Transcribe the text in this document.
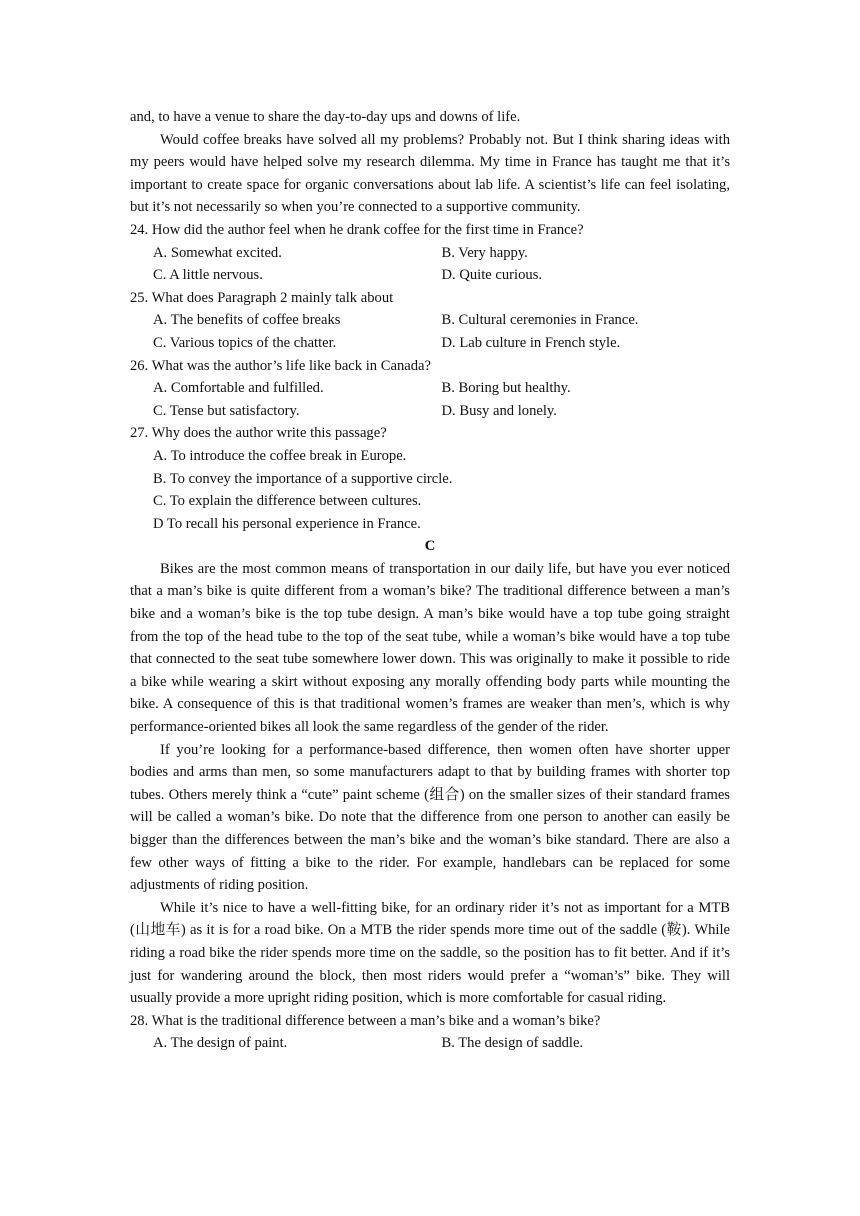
and, to have a venue to share the day-to-day ups and downs of life.

Would coffee breaks have solved all my problems? Probably not. But I think sharing ideas with my peers would have helped solve my research dilemma. My time in France has taught me that it’s important to create space for organic conversations about lab life. A scientist’s life can feel isolating, but it’s not necessarily so when you’re connected to a supportive community.

24. How did the author feel when he drank coffee for the first time in France?

A. Somewhat excited.	B. Very happy.
C. A little nervous.	D. Quite curious.

25. What does Paragraph 2 mainly talk about

A. The benefits of coffee breaks	B. Cultural ceremonies in France.
C. Various topics of the chatter.	D. Lab culture in French style.

26. What was the author’s life like back in Canada?

A. Comfortable and fulfilled.	B. Boring but healthy.
C. Tense but satisfactory.	D. Busy and lonely.

27. Why does the author write this passage?

A. To introduce the coffee break in Europe.

B. To convey the importance of a supportive circle.

C. To explain the difference between cultures.

D To recall his personal experience in France.

C

Bikes are the most common means of transportation in our daily life, but have you ever noticed that a man’s bike is quite different from a woman’s bike? The traditional difference between a man’s bike and a woman’s bike is the top tube design. A man’s bike would have a top tube going straight from the top of the head tube to the top of the seat tube, while a woman’s bike would have a top tube that connected to the seat tube somewhere lower down. This was originally to make it possible to ride a bike while wearing a skirt without exposing any morally offending body parts while mounting the bike. A consequence of this is that traditional women’s frames are weaker than men’s, which is why performance-oriented bikes all look the same regardless of the gender of the rider.

If you’re looking for a performance-based difference, then women often have shorter upper bodies and arms than men, so some manufacturers adapt to that by building frames with shorter top tubes. Others merely think a “cute” paint scheme (组合) on the smaller sizes of their standard frames will be called a woman’s bike. Do note that the difference from one person to another can easily be bigger than the differences between the man’s bike and the woman’s bike standard. There are also a few other ways of fitting a bike to the rider. For example, handlebars can be replaced for some adjustments of riding position.

While it’s nice to have a well-fitting bike, for an ordinary rider it’s not as important for a MTB (山地车) as it is for a road bike. On a MTB the rider spends more time out of the saddle (鞍). While riding a road bike the rider spends more time on the saddle, so the position has to fit better. And if it’s just for wandering around the block, then most riders would prefer a “woman’s” bike. They will usually provide a more upright riding position, which is more comfortable for casual riding.

28. What is the traditional difference between a man’s bike and a woman’s bike?

A. The design of paint.	B. The design of saddle.
